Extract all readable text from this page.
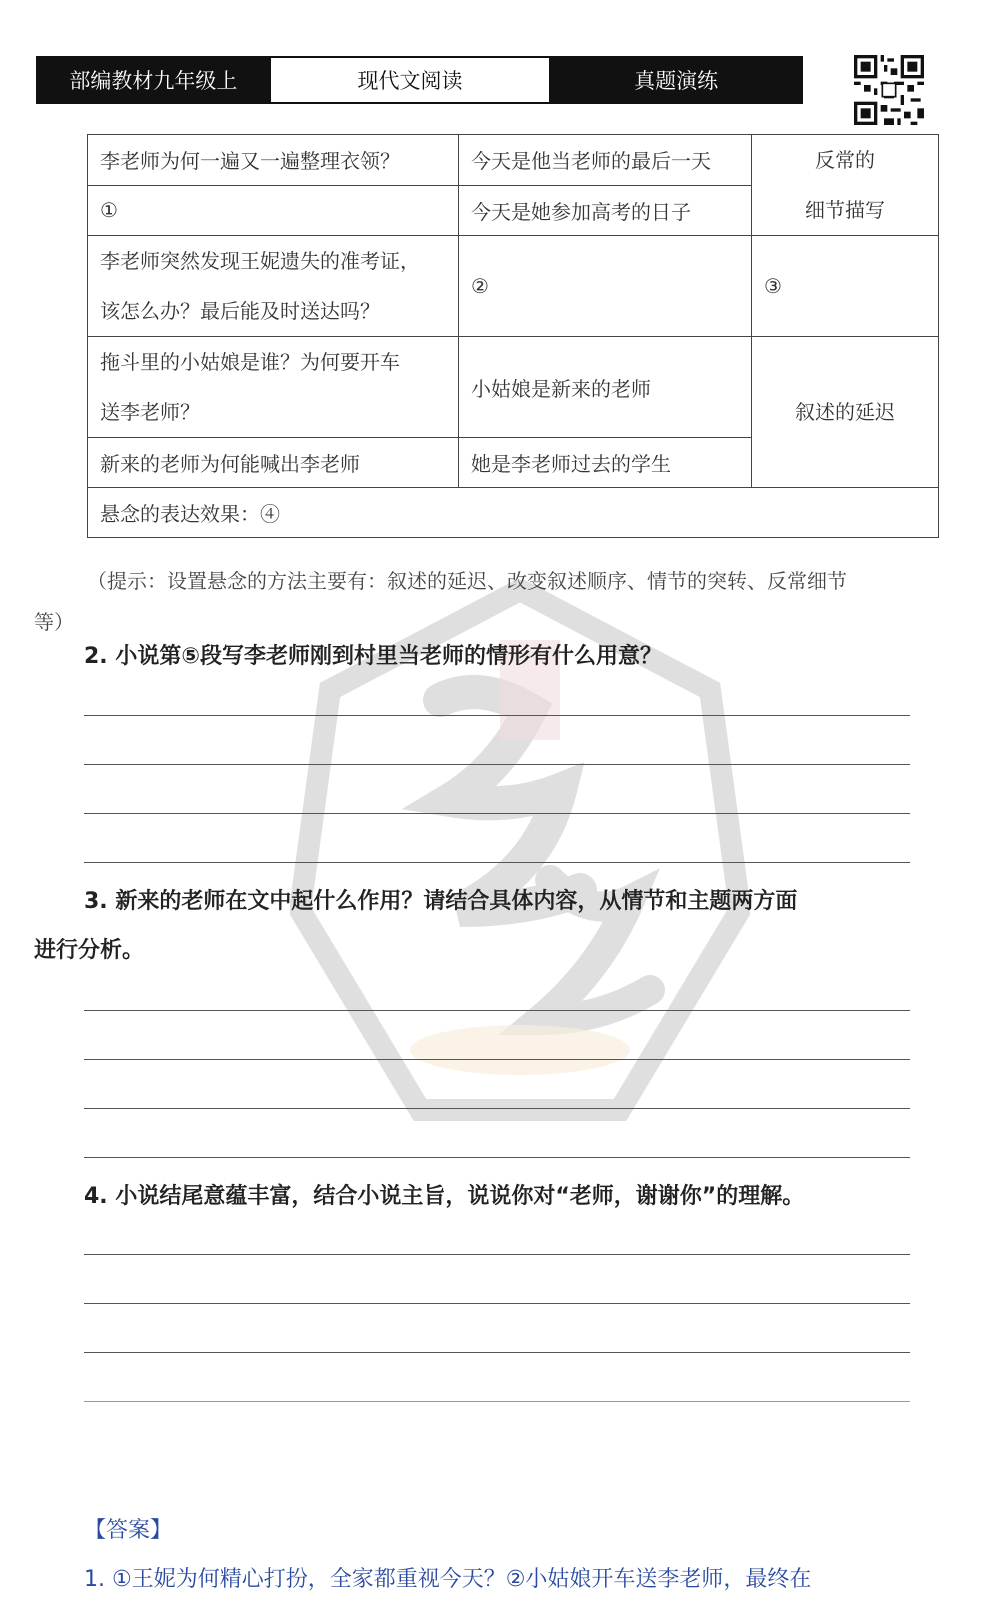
部编教材九年级上	现代文阅读	真题演练
李老师为何一遍又一遍整理衣领？	今天是他当老师的最后一天	反常的
细节描写

①	今天是她参加高考的日子	

李老师突然发现王妮遗失的准考证，
该怎么办？最后能及时送达吗？	②	③

拖斗里的小姑娘是谁？为何要开车
送李老师？	小姑娘是新来的老师	叙述的延迟
新来的老师为何能喊出李老师	她是李老师过去的学生	
悬念的表达效果：④		
（提示：设置悬念的方法主要有：叙述的延迟、改变叙述顺序、情节的突转、反常细节
等）
2. 小说第⑤段写李老师刚到村里当老师的情形有什么用意？
3. 新来的老师在文中起什么作用？请结合具体内容，从情节和主题两方面
进行分析。
4. 小说结尾意蕴丰富，结合小说主旨，说说你对“老师，谢谢你”的理解。
【答案】
1. ①王妮为何精心打扮，全家都重视今天？②小姑娘开车送李老师，最终在
